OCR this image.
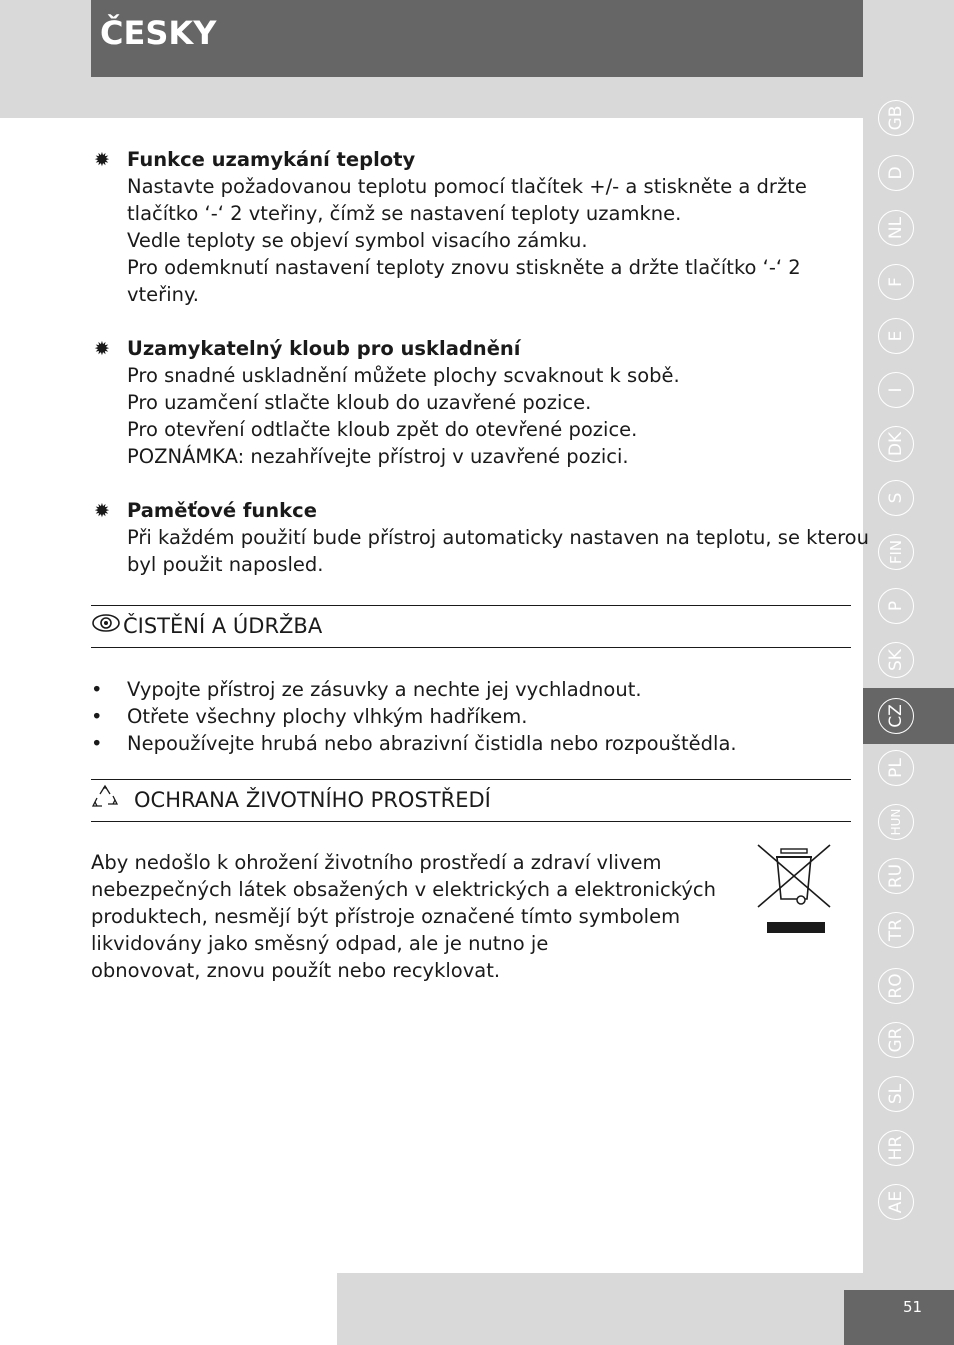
ČESKY
✹ Funkce uzamykání teploty

Nastavte požadovanou teplotu pomocí tlačítek +/- a stiskněte a držte

tlačítko ‘-‘ 2 vteřiny, čímž se nastavení teploty uzamkne.

Vedle teploty se objeví symbol visacího zámku.

Pro odemknutí nastavení teploty znovu stiskněte a držte tlačítko ‘-‘ 2

vteřiny.

✹ Uzamykatelný kloub pro uskladnění

Pro snadné uskladnění můžete plochy scvaknout k sobě.

Pro uzamčení stlačte kloub do uzavřené pozice.

Pro otevření odtlačte kloub zpět do otevřené pozice.

POZNÁMKA: nezahřívejte přístroj v uzavřené pozici.

✹ Paměťové funkce

Při každém použití bude přístroj automaticky nastaven na teplotu, se kterou

byl použit naposled.

ČISTĚNÍ A ÚDRŽBA
• Vypojte přístroj ze zásuvky a nechte jej vychladnout.
• Otřete všechny plochy vlhkým hadříkem.
• Nepoužívejte hrubá nebo abrazivní čistidla nebo rozpouštědla.
OCHRANA ŽIVOTNÍHO PROSTŘEDÍ

Aby nedošlo k ohrožení životního prostředí a zdraví vlivem

nebezpečných látek obsažených v elektrických a elektronických

produktech, nesmějí být přístroje označené tímto symbolem

likvidovány jako směsný odpad, ale je nutno je

obnovovat, znovu použít nebo recyklovat.

GB
D
NL
F
E
I
DK
S
FIN
P
SK
CZ
PL
HUN
RU
TR
RO
GR
SL
HR
AE
51
